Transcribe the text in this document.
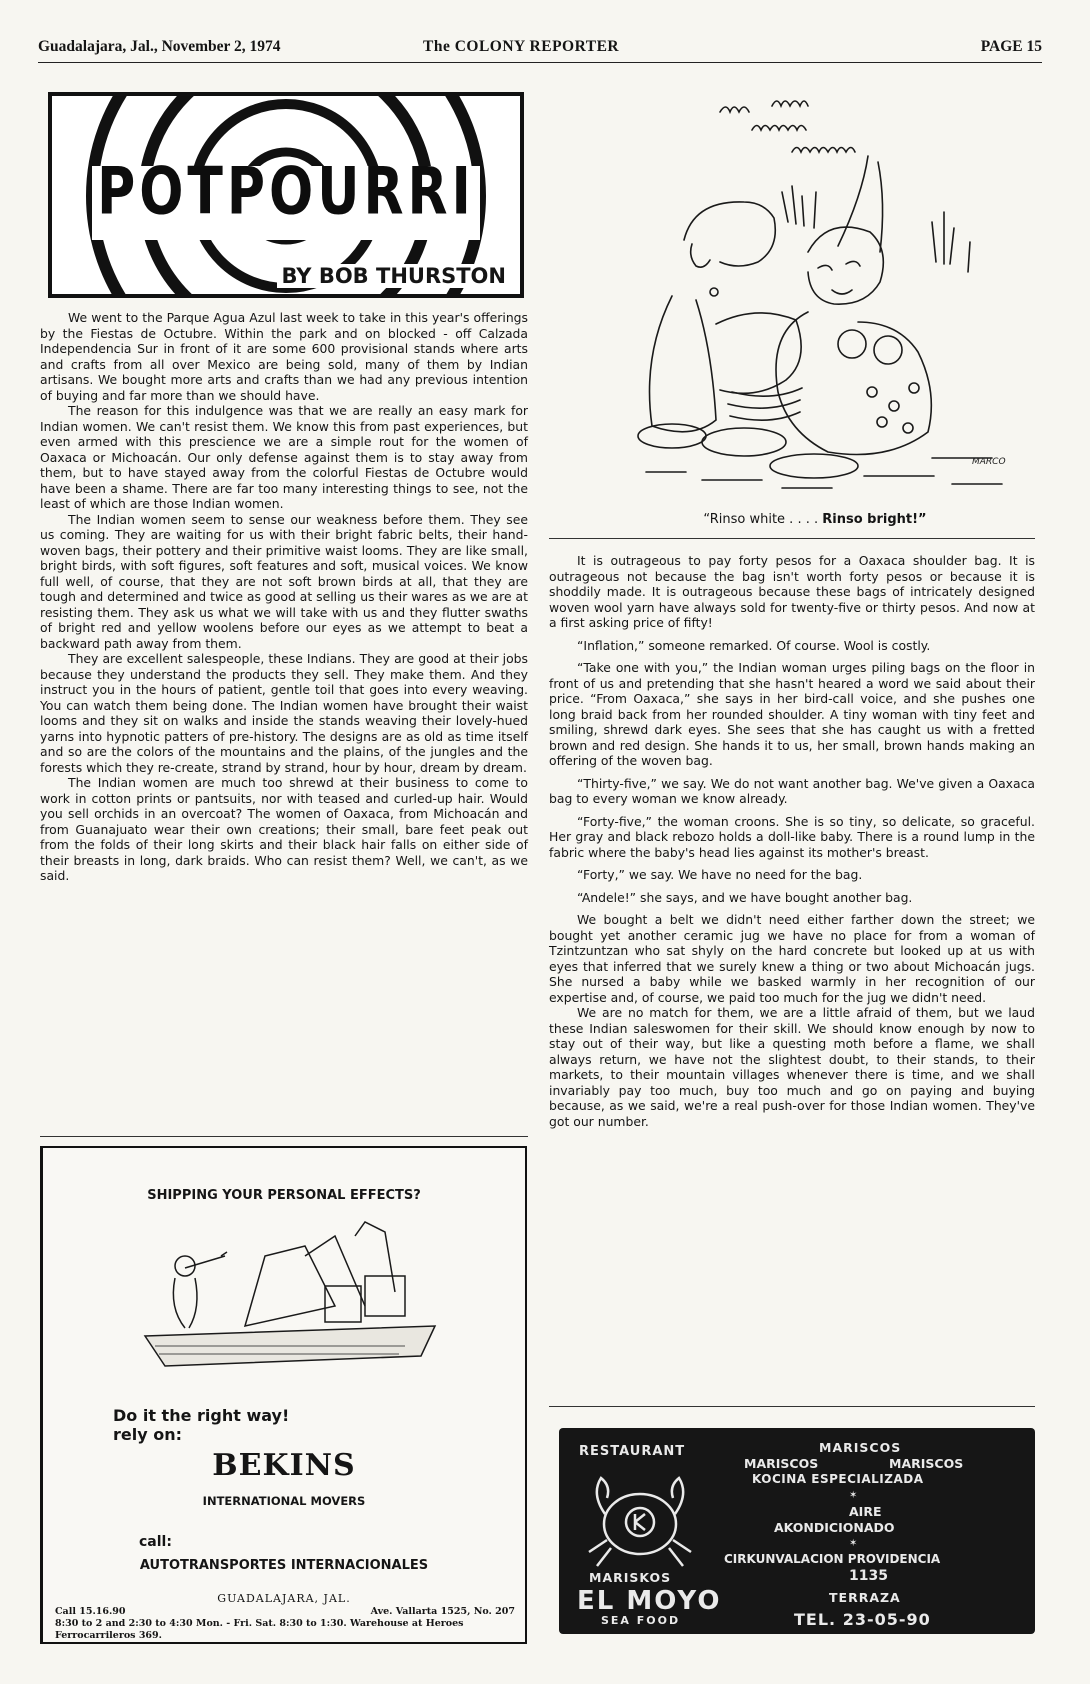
Guadalajara, Jal., November 2, 1974	The COLONY REPORTER	PAGE 15
POTPOURRI
BY BOB THURSTON

We went to the Parque Agua Azul last week to take in this year's offerings by the Fiestas de Octubre. Within the park and on blocked - off Calzada Independencia Sur in front of it are some 600 provisional stands where arts and crafts from all over Mexico are being sold, many of them by Indian artisans. We bought more arts and crafts than we had any previous intention of buying and far more than we should have.

The reason for this indulgence was that we are really an easy mark for Indian women. We can't resist them. We know this from past experiences, but even armed with this prescience we are a simple rout for the women of Oaxaca or Michoacán. Our only defense against them is to stay away from them, but to have stayed away from the colorful Fiestas de Octubre would have been a shame. There are far too many interesting things to see, not the least of which are those Indian women.

The Indian women seem to sense our weakness before them. They see us coming. They are waiting for us with their bright fabric belts, their hand-woven bags, their pottery and their primitive waist looms. They are like small, bright birds, with soft figures, soft features and soft, musical voices. We know full well, of course, that they are not soft brown birds at all, that they are tough and determined and twice as good at selling us their wares as we are at resisting them. They ask us what we will take with us and they flutter swaths of bright red and yellow woolens before our eyes as we attempt to beat a backward path away from them.

They are excellent salespeople, these Indians. They are good at their jobs because they understand the products they sell. They make them. And they instruct you in the hours of patient, gentle toil that goes into every weaving. You can watch them being done. The Indian women have brought their waist looms and they sit on walks and inside the stands weaving their lovely-hued yarns into hypnotic patters of pre-history. The designs are as old as time itself and so are the colors of the mountains and the plains, of the jungles and the forests which they re-create, strand by strand, hour by hour, dream by dream.

The Indian women are much too shrewd at their business to come to work in cotton prints or pantsuits, nor with teased and curled-up hair. Would you sell orchids in an overcoat? The women of Oaxaca, from Michoacán and from Guanajuato wear their own creations; their small, bare feet peak out from the folds of their long skirts and their black hair falls on either side of their breasts in long, dark braids. Who can resist them? Well, we can't, as we said.

MARCO
“Rinso white . . . . Rinso bright!”

It is outrageous to pay forty pesos for a Oaxaca shoulder bag. It is outrageous not because the bag isn't worth forty pesos or because it is shoddily made. It is outrageous because these bags of intricately designed woven wool yarn have always sold for twenty-five or thirty pesos. And now at a first asking price of fifty!

“Inflation,” someone remarked. Of course. Wool is costly.

“Take one with you,” the Indian woman urges piling bags on the floor in front of us and pretending that she hasn't heared a word we said about their price. “From Oaxaca,” she says in her bird-call voice, and she pushes one long braid back from her rounded shoulder. A tiny woman with tiny feet and smiling, shrewd dark eyes. She sees that she has caught us with a fretted brown and red design. She hands it to us, her small, brown hands making an offering of the woven bag.

“Thirty-five,” we say. We do not want another bag. We've given a Oaxaca bag to every woman we know already.

“Forty-five,” the woman croons. She is so tiny, so delicate, so graceful. Her gray and black rebozo holds a doll-like baby. There is a round lump in the fabric where the baby's head lies against its mother's breast.

“Forty,” we say. We have no need for the bag.

“Andele!” she says, and we have bought another bag.

We bought a belt we didn't need either farther down the street; we bought yet another ceramic jug we have no place for from a woman of Tzintzuntzan who sat shyly on the hard concrete but looked up at us with eyes that inferred that we surely knew a thing or two about Michoacán jugs. She nursed a baby while we basked warmly in her recognition of our expertise and, of course, we paid too much for the jug we didn't need.

We are no match for them, we are a little afraid of them, but we laud these Indian saleswomen for their skill. We should know enough by now to stay out of their way, but like a questing moth before a flame, we shall always return, we have not the slightest doubt, to their stands, to their markets, to their mountain villages whenever there is time, and we shall invariably pay too much, buy too much and go on paying and buying because, as we said, we're a real push-over for those Indian women. They've got our number.

SHIPPING YOUR PERSONAL EFFECTS?
Do it the right way!
rely on:
BEKINS
INTERNATIONAL MOVERS
call:
AUTOTRANSPORTES INTERNACIONALES
GUADALAJARA, JAL.
Call 15.16.90	Ave. Vallarta 1525, No. 207
8:30 to 2 and 2:30 to 4:30 Mon. - Fri. Sat. 8:30 to 1:30. Warehouse at Heroes Ferrocarrileros 369.
RESTAURANT	MARISCOS
MARISCOS	MARISCOS
KOCINA ESPECIALIZADA
✶
AIRE
AKONDICIONADO
✶
CIRKUNVALACION PROVIDENCIA
1135
TERRAZA
TEL. 23-05-90
MARISKOS
EL MOYO
SEA FOOD
